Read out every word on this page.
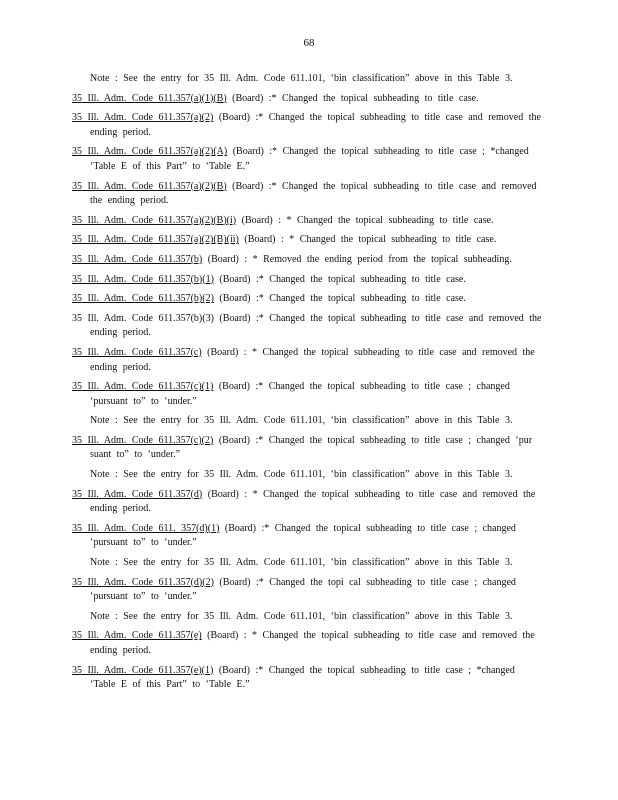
68
Note : See the entry for 35 Ill. Adm. Code 611.101, ‘bin classification” above in this Table 3.
35 Ill. Adm. Code 611.357(a)(1)(B) (Board) :* Changed the topical subheading to title case.
35 Ill. Adm. Code 611.357(a)(2) (Board) :* Changed the topical subheading to title case and removed the ending period.
35 Ill. Adm. Code 611.357(a)(2)(A) (Board) :* Changed the topical subheading to title case ; *changed ‘Table E of this Part” to ‘Table E.”
35 Ill. Adm. Code 611.357(a)(2)(B) (Board) :* Changed the topical subheading to title case and removed the ending period.
35 Ill. Adm. Code 611.357(a)(2)(B)(i) (Board) : * Changed the topical subheading to title case.
35 Ill. Adm. Code 611.357(a)(2)(B)(ii) (Board) : * Changed the topical subheading to title case.
35 Ill. Adm. Code 611.357(b) (Board) : * Removed the ending period from the topical subheading.
35 Ill. Adm. Code 611.357(b)(1) (Board) :* Changed the topical subheading to title case.
35 Ill. Adm. Code 611.357(b)(2) (Board) :* Changed the topical subheading to title case.
35 Ill. Adm. Code 611.357(b)(3) (Board) :* Changed the topical subheading to title case and removed the ending period.
35 Ill. Adm. Code 611.357(c) (Board) : * Changed the topical subheading to title case and removed the ending period.
35 Ill. Adm. Code 611.357(c)(1) (Board) :* Changed the topical subheading to title case ; changed ‘pursuant to” to ‘under.”
Note : See the entry for 35 Ill. Adm. Code 611.101, ‘bin classification” above in this Table 3.
35 Ill. Adm. Code 611.357(c)(2) (Board) :* Changed the topical subheading to title case ; changed ‘pur suant to” to ‘under.”
Note : See the entry for 35 Ill. Adm. Code 611.101, ‘bin classification” above in this Table 3.
35 Ill. Adm. Code 611.357(d) (Board) : * Changed the topical subheading to title case and removed the ending period.
35 Ill. Adm. Code 611. 357(d)(1) (Board) :* Changed the topical subheading to title case ; changed ‘pursuant to” to ‘under.”
Note : See the entry for 35 Ill. Adm. Code 611.101, ‘bin classification” above in this Table 3.
35 Ill. Adm. Code 611.357(d)(2) (Board) :* Changed the topi cal subheading to title case ; changed ‘pursuant to” to ‘under.”
Note : See the entry for 35 Ill. Adm. Code 611.101, ‘bin classification” above in this Table 3.
35 Ill. Adm. Code 611.357(e) (Board) : * Changed the topical subheading to title case and removed the ending period.
35 Ill. Adm. Code 611.357(e)(1) (Board) :* Changed the topical subheading to title case ; *changed ‘Table E of this Part” to ‘Table E.”
